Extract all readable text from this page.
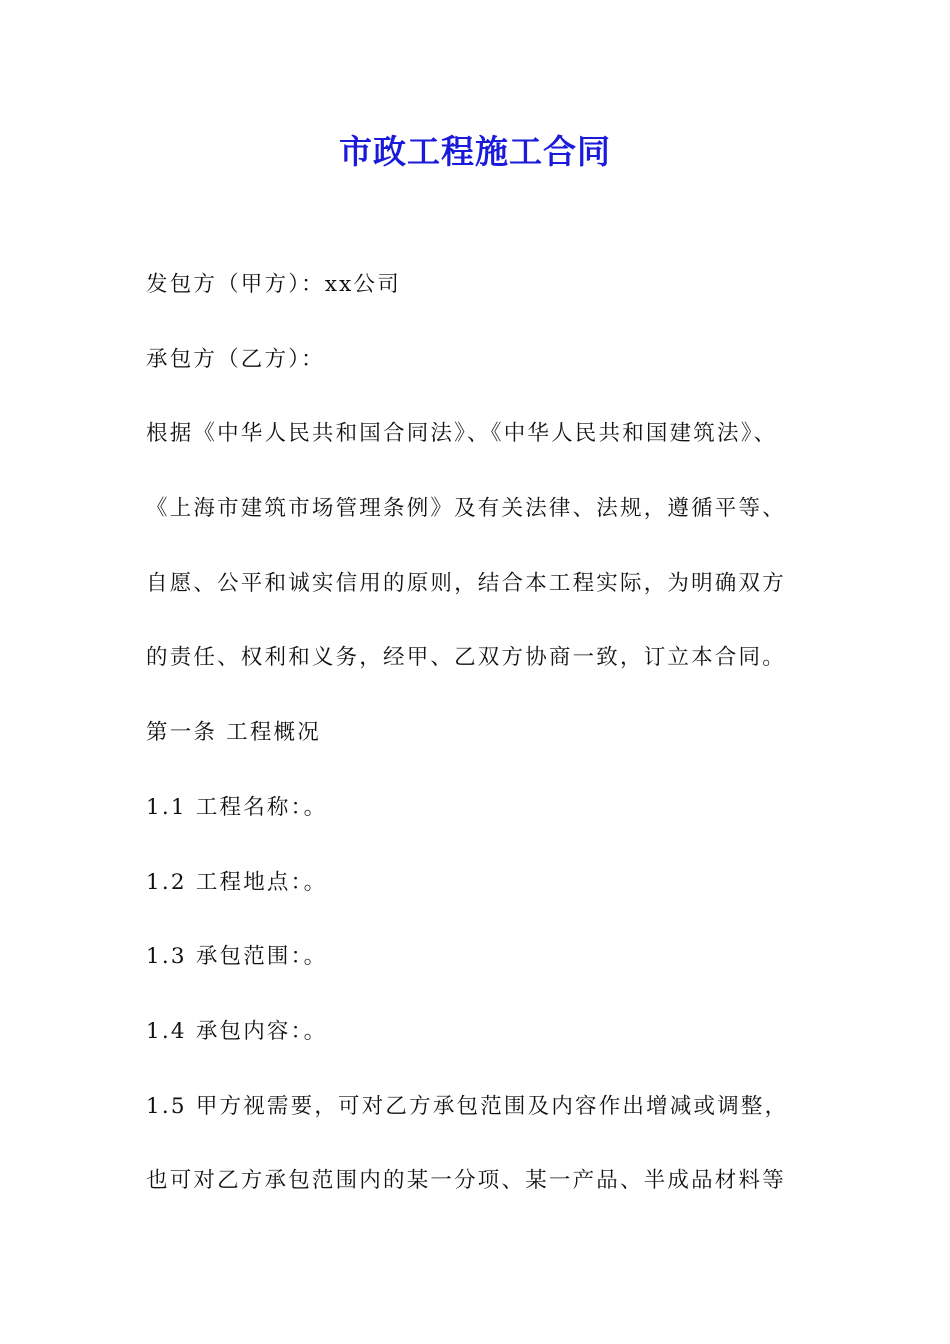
市政工程施工合同

发包方（甲方）：xx公司

承包方（乙方）：

根据《中华人民共和国合同法》、《中华人民共和国建筑法》、

《上海市建筑市场管理条例》及有关法律、法规，遵循平等、

自愿、公平和诚实信用的原则，结合本工程实际，为明确双方

的责任、权利和义务，经甲、乙双方协商一致，订立本合同。

第一条 工程概况

1.1 工程名称：。

1.2 工程地点：。

1.3 承包范围：。

1.4 承包内容：。

1.5 甲方视需要，可对乙方承包范围及内容作出增减或调整，

也可对乙方承包范围内的某一分项、某一产品、半成品材料等
